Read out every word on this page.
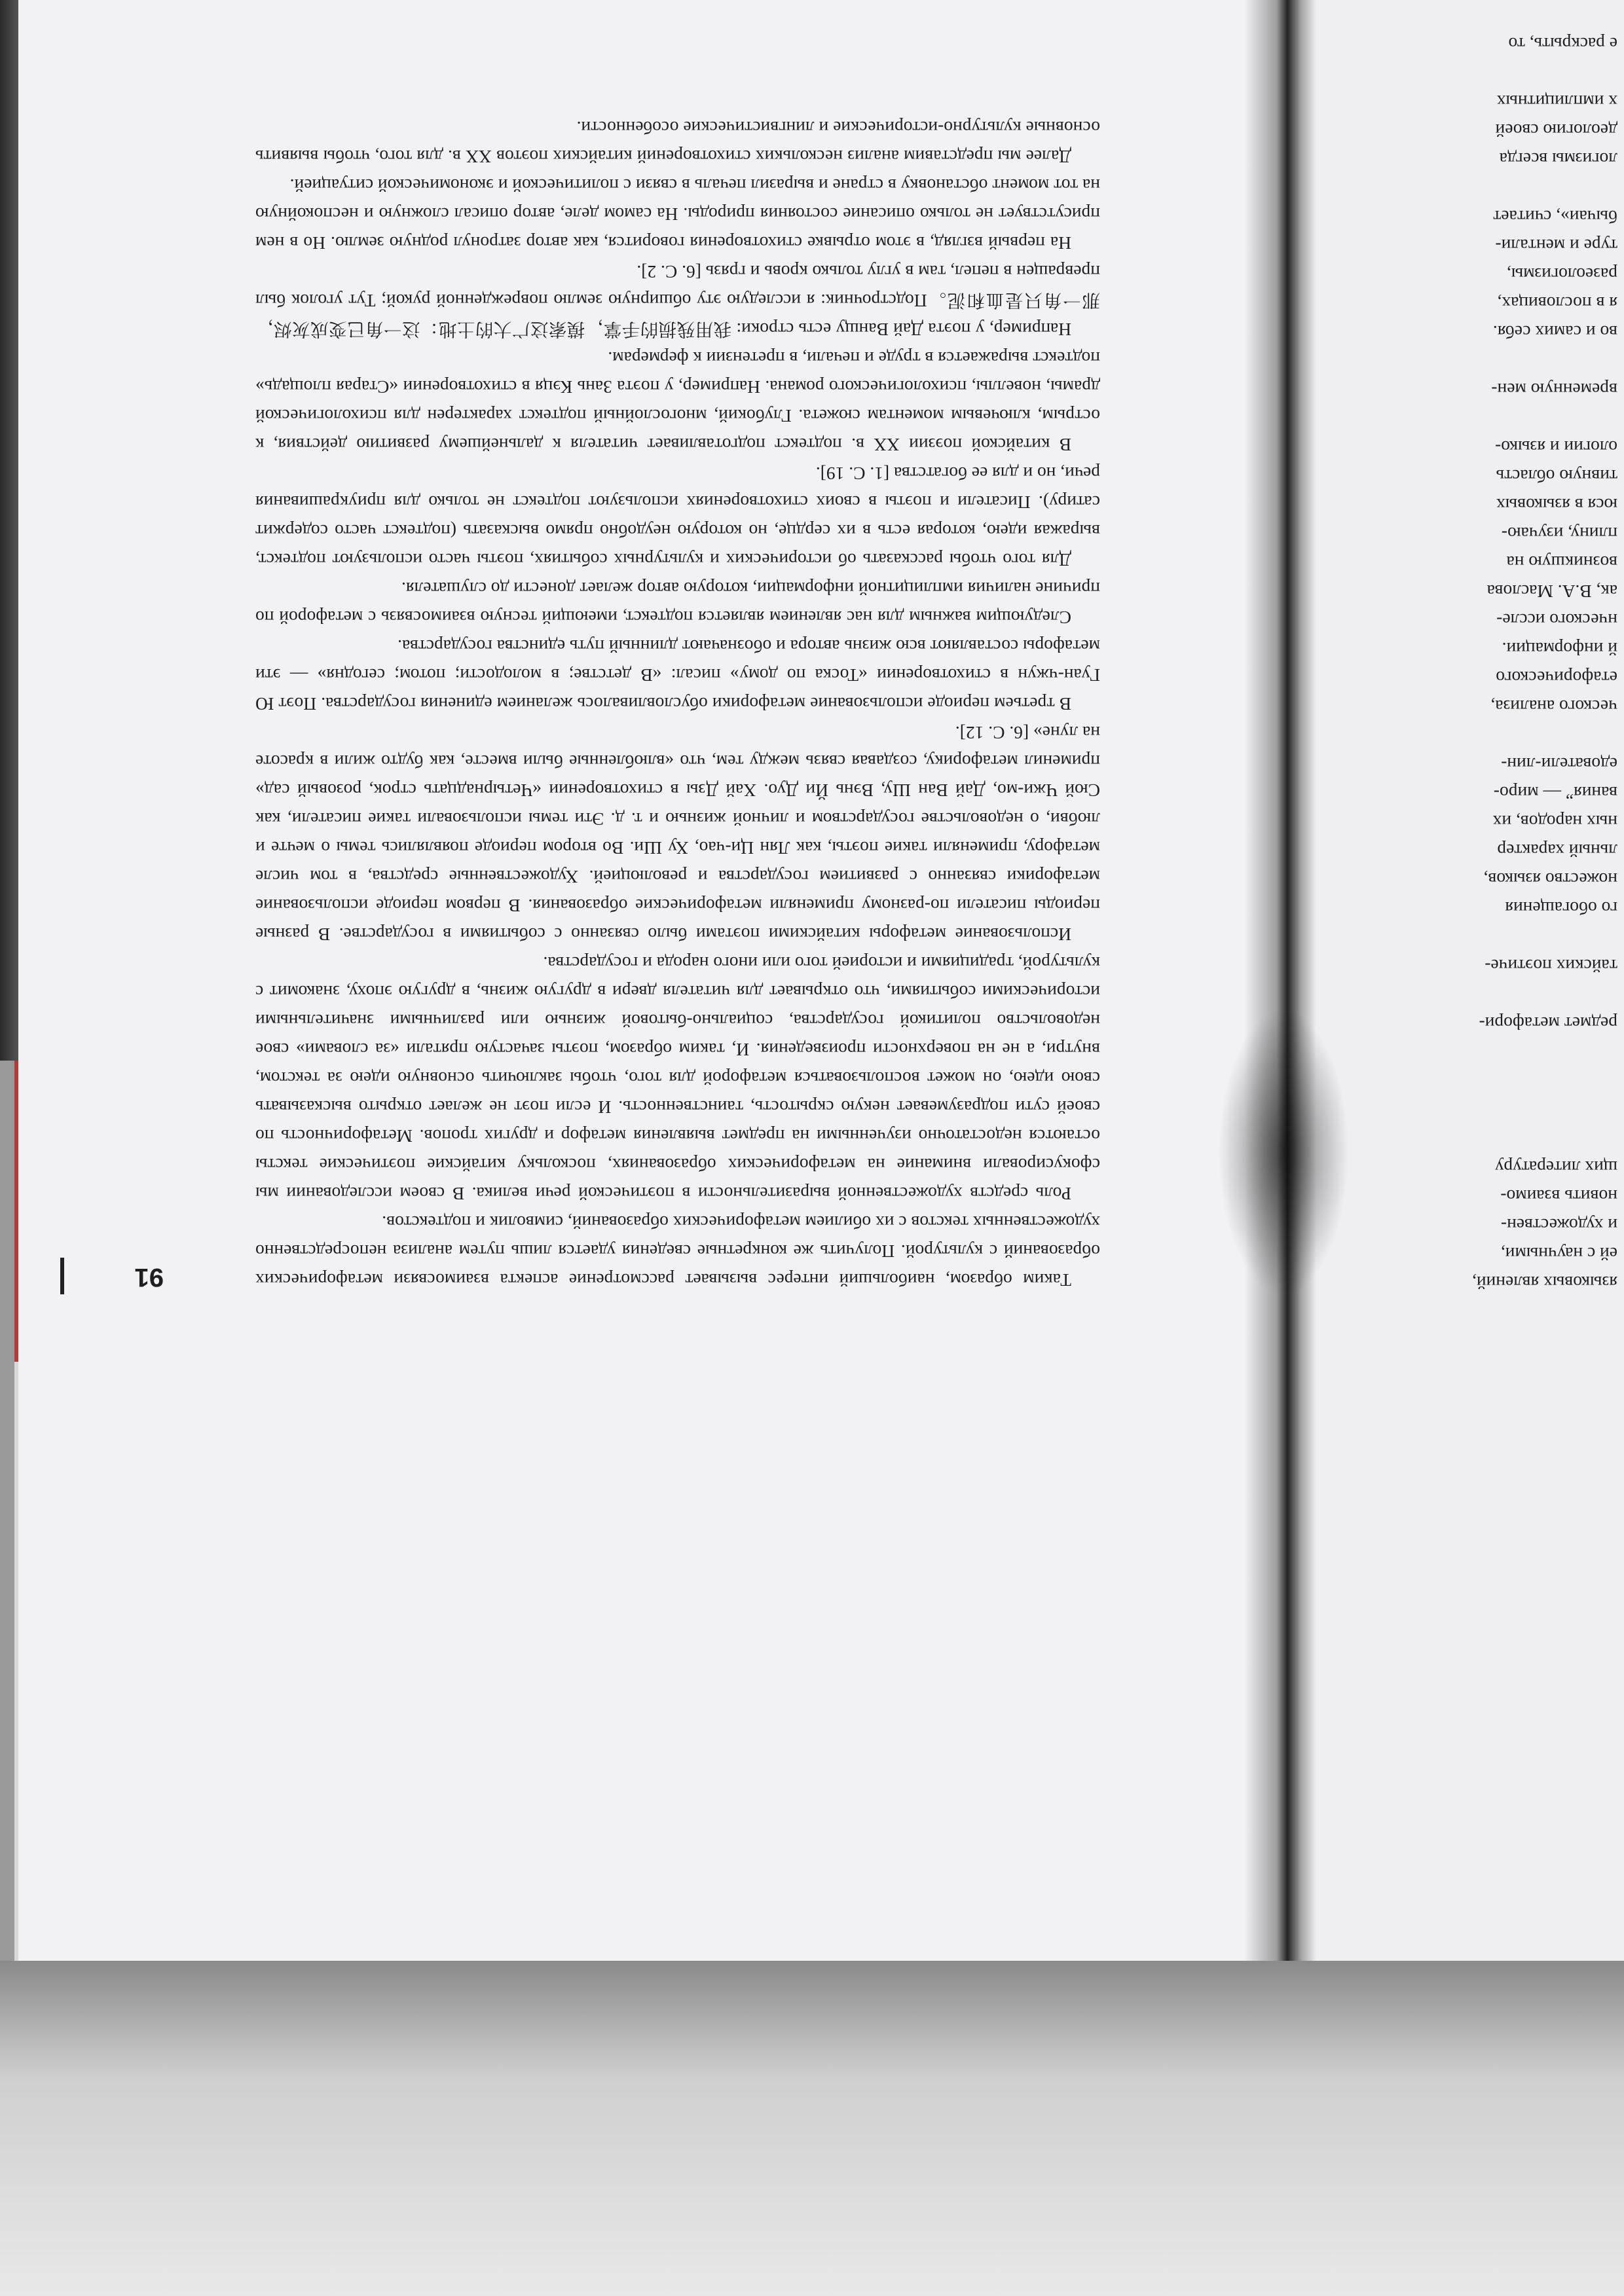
91	Таким образом, наибольший интерес вызывает рассмотрение аспекта взаимосвязи метафорических образований с культурой. Получить же конкретные сведения удается лишь путем анализа непосредственно художественных текстов с их обилием метафорических образований, символик и подтекстов.

Роль средств художественной выразительности в поэтической речи велика. В своем исследовании мы сфокусировали внимание на метафорических образованиях, поскольку китайские поэтические тексты остаются недостаточно изученными на предмет выявления метафор и других тропов. Метафоричность по своей сути подразумевает некую скрытость, таинственность. И если поэт не желает открыто высказывать свою идею, он может воспользоваться метафорой для того, чтобы заключить основную идею за текстом, внутри, а не на поверхности произведения. И, таким образом, поэты зачастую прятали «за словами» свое недовольство политикой государства, социально-бытовой жизнью или различными значительными историческими событиями, что открывает для читателя двери в другую жизнь, в другую эпоху, знакомит с культурой, традициями и историей того или иного народа и государства.

Использование метафоры китайскими поэтами было связанно с событиями в государстве. В разные периоды писатели по-разному применяли метафорические образования. В первом периоде использование метафорики связанно с развитием государства и революцией. Художественные средства, в том числе метафору, применяли такие поэты, как Лян Ци-чао, Ху Ши. Во втором периоде появлялись темы о мечте и любви, о недовольстве государством и личной жизнью и т. д. Эти темы использовали такие писатели, как Сюй Чжи-мо, Дай Ван Шу, Вэнь Йи Дуо. Хай Дзы в стихотворении «Четырнадцать строк, розовый сад» применил метафорику, создавая связь между тем, что «влюбленные были вместе, как будто жили в красоте на луне» [6. С. 12].

В третьем периоде использование метафорики обусловливалось желанием единения государства. Поэт Ю Гуан-чжун в стихотворении «Тоска по дому» писал: «В детстве; в молодости; потом; сегодня» — эти метафоры составляют всю жизнь автора и обозначают длинный путь единства государства.

Следующим важным для нас явлением является подтекст, имеющий тесную взаимосвязь с метафорой по причине наличия имплицитной информации, которую автор желает донести до слушателя.

Для того чтобы рассказать об исторических и культурных событиях, поэты часто используют подтекст, выражая идею, которая есть в их сердце, но которую неудобно прямо высказать (подтекст часто содержит сатиру). Писатели и поэты в своих стихотворениях используют подтекст не только для приукрашивания речи, но и для ее богатства [1. С. 19].

В китайской поэзии XX в. подтекст подготавливает читателя к дальнейшему развитию действия, к острым, ключевым моментам сюжета. Глубокий, многослойный подтекст характерен для психологической драмы, новеллы, психологического романа. Например, у поэта Зань Кэця в стихотворении «Старая площадь» подтекст выражается в труде и печали, в претензии к фермерам.

Например, у поэта Дай Ванщу есть строки: 我用残损的手掌，摸索这广大的土地：这一角已变成灰烬，那一角只是血和泥。Подстрочник: я исследую эту обширную землю поврежденной рукой; Тут уголок был превращен в пепел, там в углу только кровь и грязь [6. С. 2].

На первый взгляд, в этом отрывке стихотворения говорится, как автор затронул родную землю. Но в нем присутствует не только описание состояния природы. На самом деле, автор описал сложную и неспокойную на тот момент обстановку в стране и выразил печаль в связи с политической и экономической ситуацией.

Далее мы представим анализ нескольких стихотворений китайских поэтов XX в. для того, чтобы выявить основные культурно-исторические и лингвистические особенности.

языковых явлений,
ей с научными,
и художествен-
новить взаимо-
щих литературу
редмет метафори-
тайских поэтиче-
го обогащения
ножество языков,
льный характер
ных народов, их
вания” — миро-
едователи-лин-
ческого анализа,
етафорического
й информации.
нческого иссле-
ак, В.А. Маслова
возникшую на
плину, изучаю-
юся в языковых
тивную область
ологии и языко-
временную мен-
во и самих себя.
я в пословицах,
разеологизмы,
туре и ментали-
бычаи», считает
логизмы всегда
деологию своей
х имплицитных
е раскрыть, то
